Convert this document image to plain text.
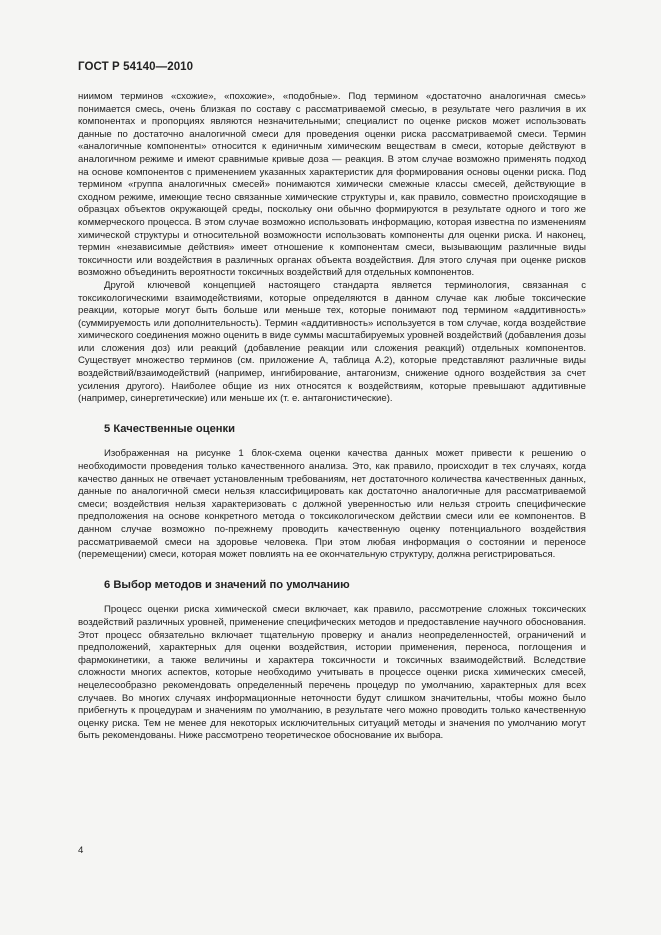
ГОСТ Р 54140—2010

ниимом терминов «схожие», «похожие», «подобные». Под термином «достаточно аналогичная смесь» понимается смесь, очень близкая по составу с рассматриваемой смесью, в результате чего различия в их компонентах и пропорциях являются незначительными; специалист по оценке рисков может использовать данные по достаточно аналогичной смеси для проведения оценки риска рассматриваемой смеси. Термин «аналогичные компоненты» относится к единичным химическим веществам в смеси, которые действуют в аналогичном режиме и имеют сравнимые кривые доза — реакция. В этом случае возможно применять подход на основе компонентов с применением указанных характеристик для формирования основы оценки риска. Под термином «группа аналогичных смесей» понимаются химически смежные классы смесей, действующие в сходном режиме, имеющие тесно связанные химические структуры и, как правило, совместно происходящие в образцах объектов окружающей среды, поскольку они обычно формируются в результате одного и того же коммерческого процесса. В этом случае возможно использовать информацию, которая известна по изменениям химической структуры и относительной возможности использовать компоненты для оценки риска. И наконец, термин «независимые действия» имеет отношение к компонентам смеси, вызывающим различные виды токсичности или воздействия в различных органах объекта воздействия. Для этого случая при оценке рисков возможно объединить вероятности токсичных воздействий для отдельных компонентов.

Другой ключевой концепцией настоящего стандарта является терминология, связанная с токсикологическими взаимодействиями, которые определяются в данном случае как любые токсические реакции, которые могут быть больше или меньше тех, которые понимают под термином «аддитивность» (суммируемость или дополнительность). Термин «аддитивность» используется в том случае, когда воздействие химического соединения можно оценить в виде суммы масштабируемых уровней воздействий (добавления дозы или сложения доз) или реакций (добавление реакции или сложения реакций) отдельных компонентов. Существует множество терминов (см. приложение А, таблица А.2), которые представляют различные виды воздействий/взаимодействий (например, ингибирование, антагонизм, снижение одного воздействия за счет усиления другого). Наиболее общие из них относятся к воздействиям, которые превышают аддитивные (например, синергетические) или меньше их (т. е. антагонистические).

5 Качественные оценки

Изображенная на рисунке 1 блок-схема оценки качества данных может привести к решению о необходимости проведения только качественного анализа. Это, как правило, происходит в тех случаях, когда качество данных не отвечает установленным требованиям, нет достаточного количества качественных данных, данные по аналогичной смеси нельзя классифицировать как достаточно аналогичные для рассматриваемой смеси; воздействия нельзя характеризовать с должной уверенностью или нельзя строить специфические предположения на основе конкретного метода о токсикологическом действии смеси или ее компонентов. В данном случае возможно по-прежнему проводить качественную оценку потенциального воздействия рассматриваемой смеси на здоровье человека. При этом любая информация о состоянии и переносе (перемещении) смеси, которая может повлиять на ее окончательную структуру, должна регистрироваться.

6 Выбор методов и значений по умолчанию

Процесс оценки риска химической смеси включает, как правило, рассмотрение сложных токсических воздействий различных уровней, применение специфических методов и предоставление научного обоснования. Этот процесс обязательно включает тщательную проверку и анализ неопределенностей, ограничений и предположений, характерных для оценки воздействия, истории применения, переноса, поглощения и фармокинетики, а также величины и характера токсичности и токсичных взаимодействий. Вследствие сложности многих аспектов, которые необходимо учитывать в процессе оценки риска химических смесей, нецелесообразно рекомендовать определенный перечень процедур по умолчанию, характерных для всех случаев. Во многих случаях информационные неточности будут слишком значительны, чтобы можно было прибегнуть к процедурам и значениям по умолчанию, в результате чего можно проводить только качественную оценку риска. Тем не менее для некоторых исключительных ситуаций методы и значения по умолчанию могут быть рекомендованы. Ниже рассмотрено теоретическое обоснование их выбора.

4
